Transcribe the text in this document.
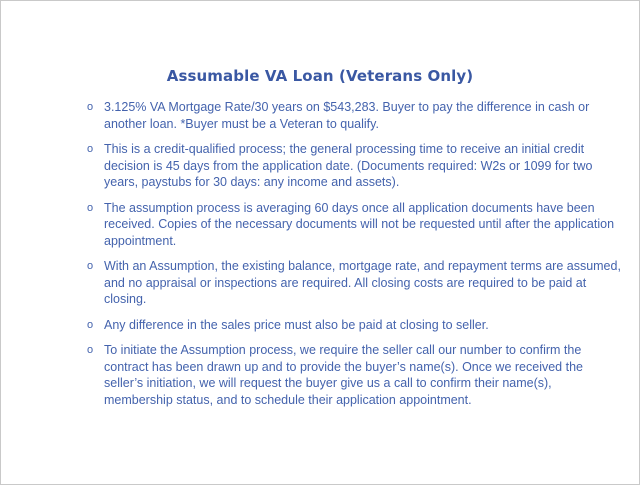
Assumable VA Loan (Veterans Only)
o 3.125% VA Mortgage Rate/30 years on $543,283. Buyer to pay the difference in cash or another loan. *Buyer must be a Veteran to qualify.
o This is a credit-qualified process; the general processing time to receive an initial credit decision is 45 days from the application date. (Documents required: W2s or 1099 for two years, paystubs for 30 days: any income and assets).
o The assumption process is averaging 60 days once all application documents have been received. Copies of the necessary documents will not be requested until after the application appointment.
o With an Assumption, the existing balance, mortgage rate, and repayment terms are assumed, and no appraisal or inspections are required. All closing costs are required to be paid at closing.
o Any difference in the sales price must also be paid at closing to seller.
o To initiate the Assumption process, we require the seller call our number to confirm the contract has been drawn up and to provide the buyer’s name(s). Once we received the seller’s initiation, we will request the buyer give us a call to confirm their name(s), membership status, and to schedule their application appointment.
